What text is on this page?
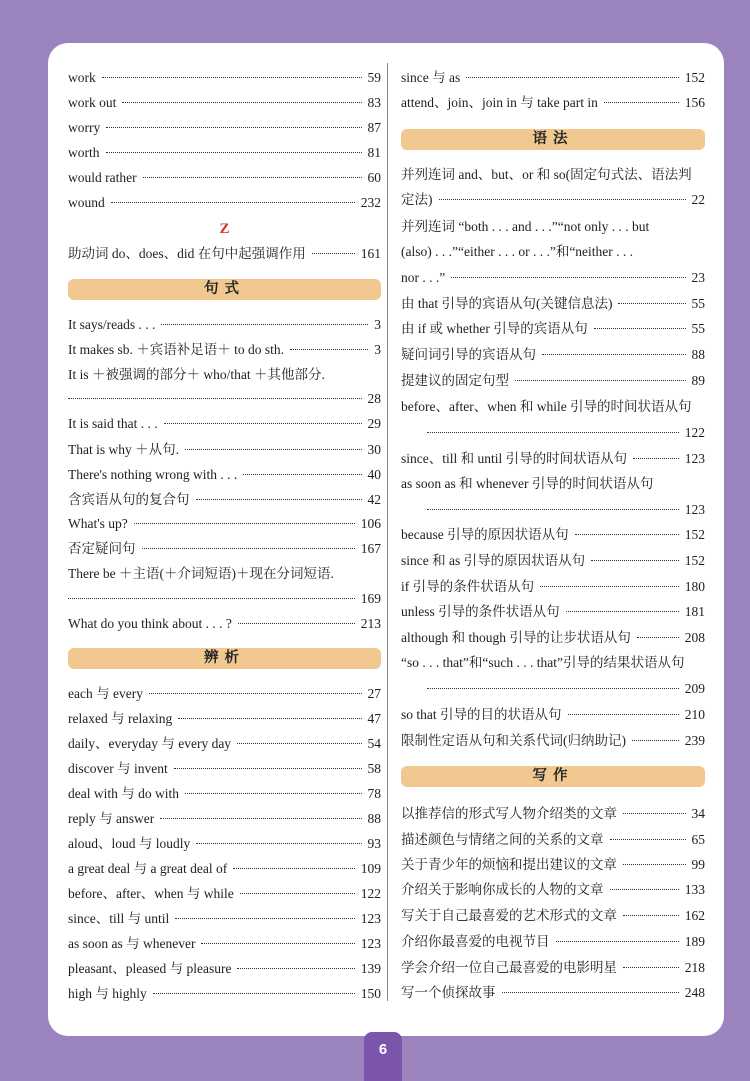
work	59
work out	83
worry	87
worth	81
would rather	60
wound	232
Z
助动词 do、does、did 在句中起强调作用	161
句式
It says/reads . . .	3
It makes sb. ＋宾语补足语＋ to do sth.	3
It is ＋被强调的部分＋ who/that ＋其他部分.
28
It is said that . . .	29
That is why ＋从句.	30
There's nothing wrong with . . .	40
含宾语从句的复合句	42
What's up?	106
否定疑问句	167
There be ＋主语(＋介词短语)＋现在分词短语.
169
What do you think about . . . ?	213
辨析
each 与 every	27
relaxed 与 relaxing	47
daily、everyday 与 every day	54
discover 与 invent	58
deal with 与 do with	78
reply 与 answer	88
aloud、loud 与 loudly	93
a great deal 与 a great deal of	109
before、after、when 与 while	122
since、till 与 until	123
as soon as 与 whenever	123
pleasant、pleased 与 pleasure	139
high 与 highly	150
since 与 as	152
attend、join、join in 与 take part in	156
语法
并列连词 and、but、or 和 so(固定句式法、语法判
定法)	22
并列连词 “both . . . and . . .”“not only . . . but
(also) . . .”“either . . . or . . .”和“neither . . .
nor . . .”	23
由 that 引导的宾语从句(关键信息法)	55
由 if 或 whether 引导的宾语从句	55
疑问词引导的宾语从句	88
提建议的固定句型	89
before、after、when 和 while 引导的时间状语从句
122
since、till 和 until 引导的时间状语从句	123
as soon as 和 whenever 引导的时间状语从句
123
because 引导的原因状语从句	152
since 和 as 引导的原因状语从句	152
if 引导的条件状语从句	180
unless 引导的条件状语从句	181
although 和 though 引导的让步状语从句	208
“so . . . that”和“such . . . that”引导的结果状语从句
209
so that 引导的目的状语从句	210
限制性定语从句和关系代词(归纳助记)	239
写作
以推荐信的形式写人物介绍类的文章	34
描述颜色与情绪之间的关系的文章	65
关于青少年的烦恼和提出建议的文章	99
介绍关于影响你成长的人物的文章	133
写关于自己最喜爱的艺术形式的文章	162
介绍你最喜爱的电视节目	189
学会介绍一位自己最喜爱的电影明星	218
写一个侦探故事	248
6
